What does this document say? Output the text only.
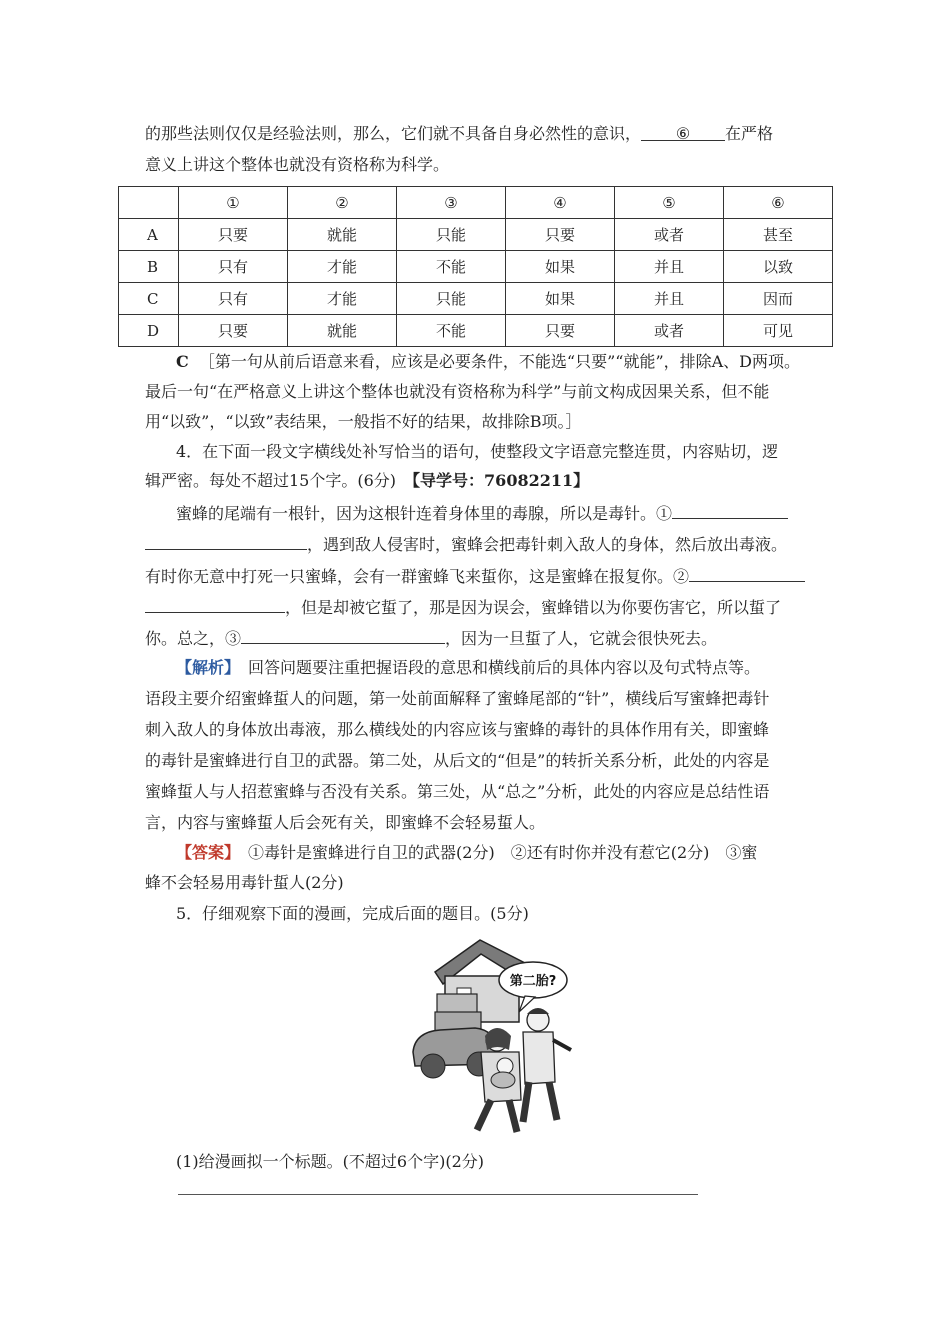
的那些法则仅仅是经验法则，那么，它们就不具备自身必然性的意识， ⑥ 在严格
意义上讲这个整体也就没有资格称为科学。
	①	②	③	④	⑤	⑥
A	只要	就能	只能	只要	或者	甚至
B	只有	才能	不能	如果	并且	以致
C	只有	才能	只能	如果	并且	因而
D	只要	就能	不能	只要	或者	可见
C ［第一句从前后语意来看，应该是必要条件，不能选“只要”“就能”，排除A、D两项。
最后一句“在严格意义上讲这个整体也就没有资格称为科学”与前文构成因果关系，但不能
用“以致”，“以致”表结果，一般指不好的结果，故排除B项。］
4．在下面一段文字横线处补写恰当的语句，使整段文字语意完整连贯，内容贴切，逻
辑严密。每处不超过15个字。(6分)　 【导学号：76082211】
蜜蜂的尾端有一根针，因为这根针连着身体里的毒腺，所以是毒针。①
，遇到敌人侵害时，蜜蜂会把毒针刺入敌人的身体，然后放出毒液。
有时你无意中打死一只蜜蜂，会有一群蜜蜂飞来蜇你，这是蜜蜂在报复你。②
，但是却被它蜇了，那是因为误会，蜜蜂错以为你要伤害它，所以蜇了
你。总之，③	，因为一旦蜇了人，它就会很快死去。
【解析】　 回答问题要注重把握语段的意思和横线前后的具体内容以及句式特点等。
语段主要介绍蜜蜂蜇人的问题，第一处前面解释了蜜蜂尾部的“针”，横线后写蜜蜂把毒针
刺入敌人的身体放出毒液，那么横线处的内容应该与蜜蜂的毒针的具体作用有关，即蜜蜂
的毒针是蜜蜂进行自卫的武器。第二处，从后文的“但是”的转折关系分析，此处的内容是
蜜蜂蜇人与人招惹蜜蜂与否没有关系。第三处，从“总之”分析，此处的内容应是总结性语
言，内容与蜜蜂蜇人后会死有关，即蜜蜂不会轻易蜇人。
【答案】　 ①毒针是蜜蜂进行自卫的武器(2分)　②还有时你并没有惹它(2分)　③蜜
蜂不会轻易用毒针蜇人(2分)
5．仔细观察下面的漫画，完成后面的题目。(5分)
第二胎?
(1)给漫画拟一个标题。(不超过6个字)(2分)
